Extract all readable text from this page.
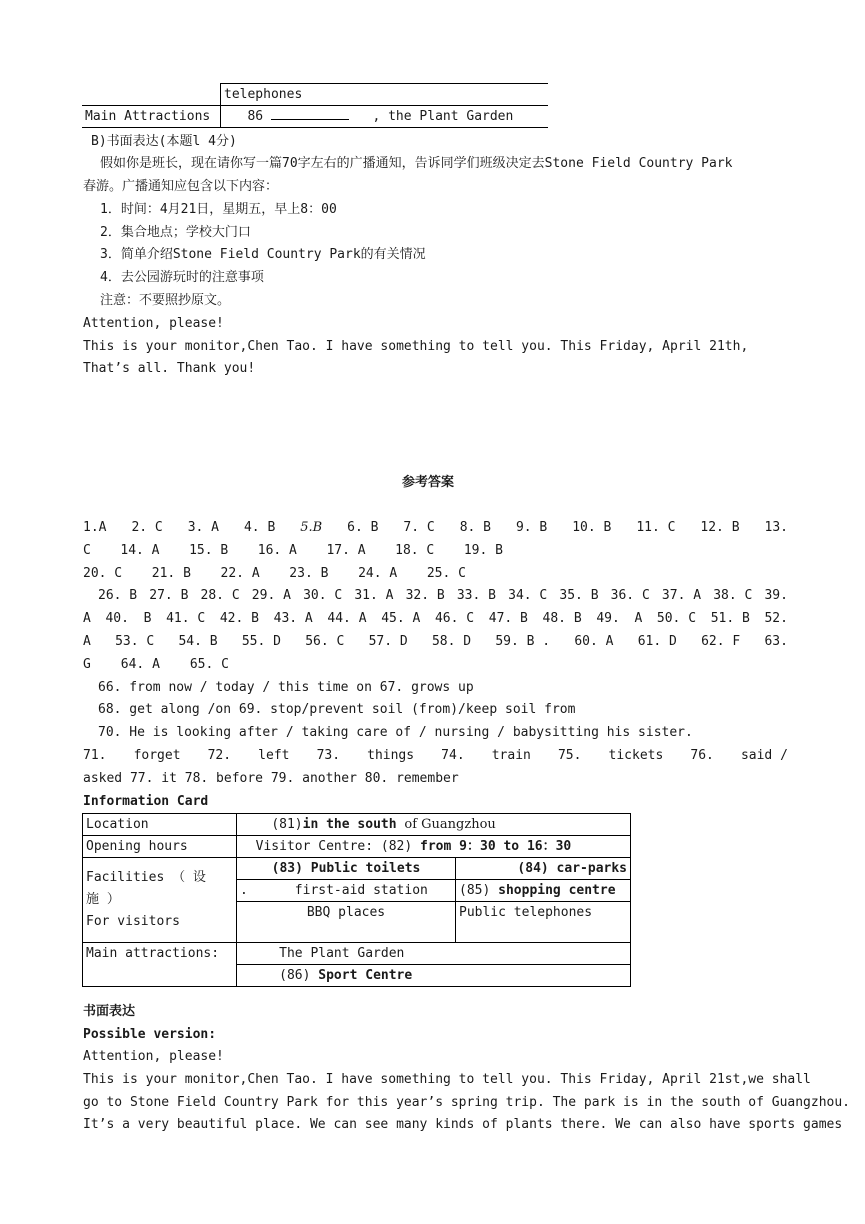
	telephones
Main Attractions	86 , the Plant Garden
B)书面表达(本题l 4分)
假如你是班长，现在请你写一篇70字左右的广播通知，告诉同学们班级决定去Stone Field Country Park
春游。广播通知应包含以下内容：
1．时间：4月21日，星期五，早上8：00
2．集合地点；学校大门口
3．简单介绍Stone Field Country Park的有关情况
4．去公园游玩时的注意事项
注意：不要照抄原文。
Attention, please!
This is your monitor,Chen Tao. I have something to tell you. This Friday, April 21th,
That’s all. Thank you!
参考答案
1.A 2. C 3. A 4. B 5.B 6. B 7. C 8. B 9. B 10. B 11. C 12. B 13.
C 14. A 15. B 16. A 17. A 18. C 19. B
20. C 21. B 22. A 23. B 24. A 25. C
26. B 27. B 28. C 29. A 30. C 31. A 32. B 33. B 34. C 35. B 36. C 37. A 38. C 39.
A 40. B 41. C 42. B 43. A 44. A 45. A 46. C 47. B 48. B 49. A 50. C 51. B 52.
A 53. C 54. B 55. D 56. C 57. D 58. D 59. B . 60. A 61. D 62. F 63.
G 64. A 65. C
66. from now / today / this time on 67. grows up
68. get along /on 69. stop/prevent soil (from)/keep soil from
70. He is looking after / taking care of / nursing / babysitting his sister.
71. forget 72. left 73. things 74. train 75. tickets 76. said /
asked 77. it 78. before 79. another 80. remember
Information Card
Location	(81)in the south of Guangzhou	
Opening hours	Visitor Centre: (82) from 9：30 to 16：30	

Facilities （ 设
施 ）
For visitors	(83) Public toilets	(84) car-parks
	. first-aid station	(85) shopping centre
	BBQ places	Public telephones
Main attractions:	The Plant Garden	
	(86) Sport Centre	
书面表达
Possible version:
Attention, please!
This is your monitor,Chen Tao. I have something to tell you. This Friday, April 21st,we shall
go to Stone Field Country Park for this year’s spring trip. The park is in the south of Guangzhou.
It’s a very beautiful place. We can see many kinds of plants there. We can also have sports games
